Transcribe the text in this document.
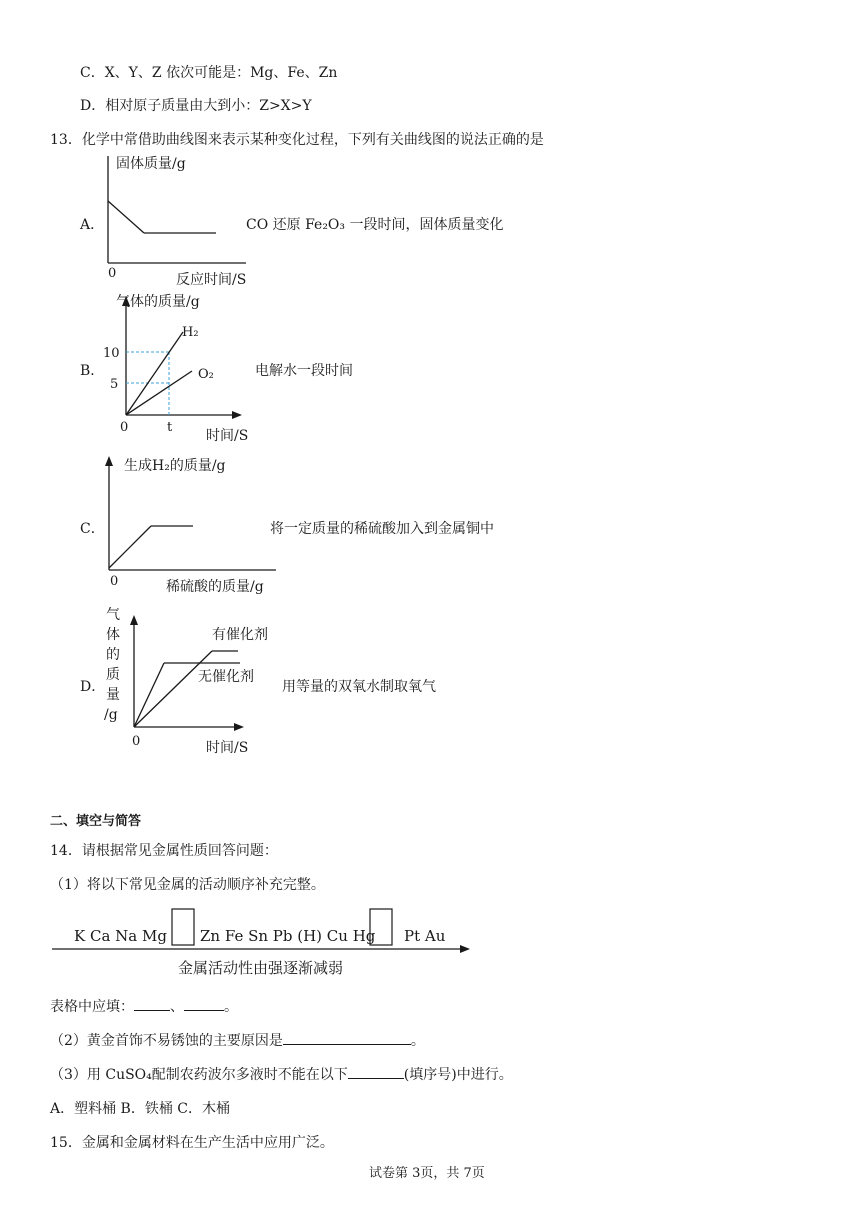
C．X、Y、Z 依次可能是：Mg、Fe、Zn
D．相对原子质量由大到小：Z>X>Y
13．化学中常借助曲线图来表示某种变化过程，下列有关曲线图的说法正确的是
A．
固体质量/g
0	反应时间/S
CO 还原 Fe₂O₃ 一段时间，固体质量变化
B．
气体的质量/g
10
5
0	t
H₂
O₂
时间/S
电解水一段时间
C．
生成H₂的质量/g
0	稀硫酸的质量/g
将一定质量的稀硫酸加入到金属铜中
D．
气
体
的
质
量
/g
有催化剂
无催化剂
0	时间/S
用等量的双氧水制取氧气
二、填空与简答
14．请根据常见金属性质回答问题：
（1）将以下常见金属的活动顺序补充完整。
K Ca Na Mg Zn Fe Sn Pb (H) Cu Hg Pt Au
金属活动性由强逐渐减弱
表格中应填：	、	。
（2）黄金首饰不易锈蚀的主要原因是	。
（3）用 CuSO₄配制农药波尔多液时不能在以下	(填序号)中进行。
A．塑料桶 B．铁桶 C．木桶
15．金属和金属材料在生产生活中应用广泛。
试卷第 3页，共 7页
